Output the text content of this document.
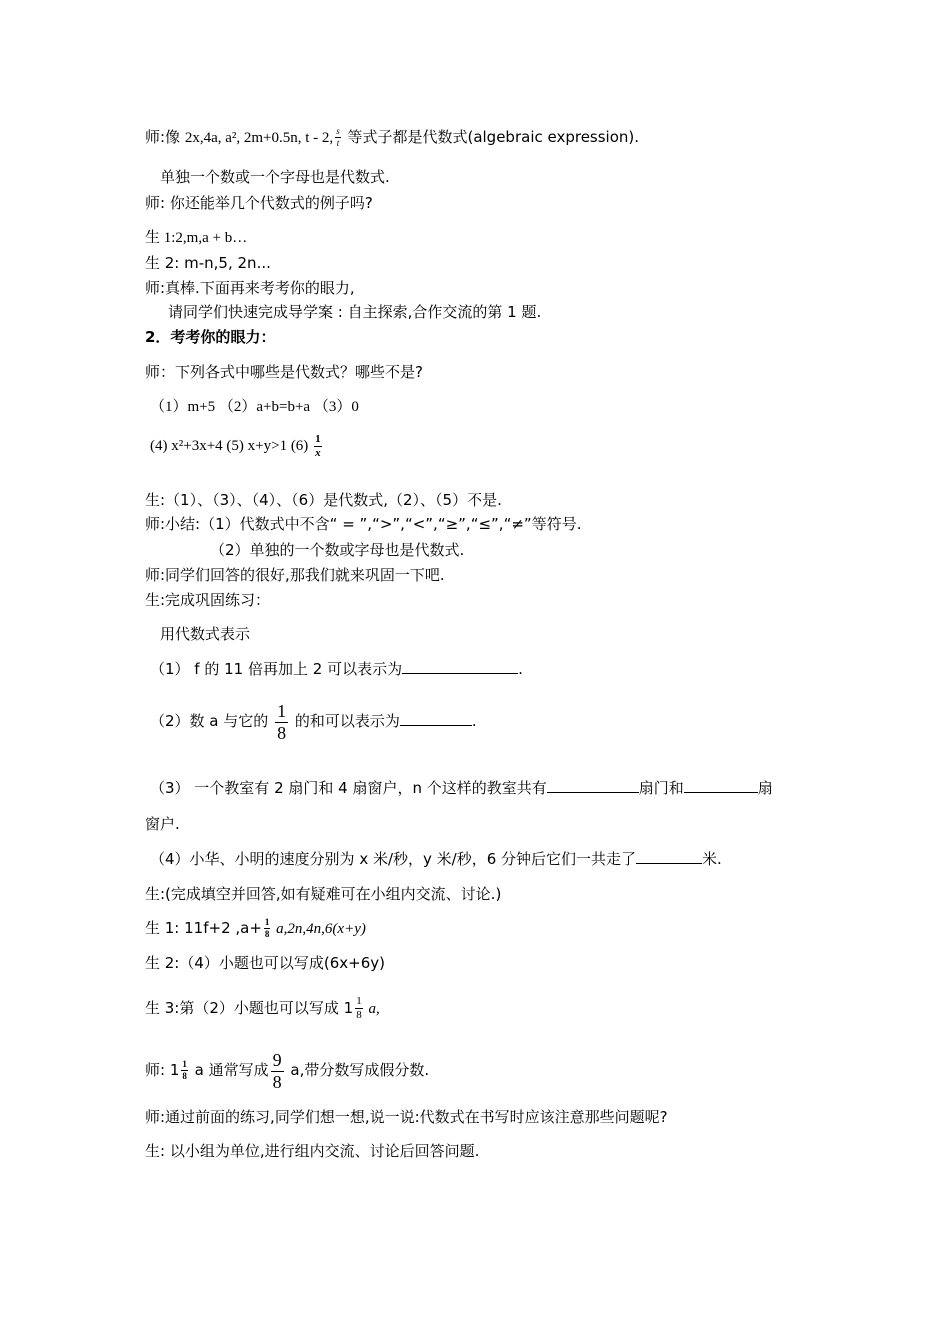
师:像 2x,4a, a², 2m+0.5n, t - 2, $\frac{s}{t}$ 等式子都是代数式(algebraic expression).
单独一个数或一个字母也是代数式.
师: 你还能举几个代数式的例子吗?
生 1:2,m,a + b…
生 2: m-n,5, 2n...
师:真棒.下面再来考考你的眼力,
请同学们快速完成导学案 : 自主探索,合作交流的第 1 题.
2．考考你的眼力：
师：下列各式中哪些是代数式？哪些不是?
（1）m+5 （2）a+b=b+a （3）0
(4) x²+3x+4 (5) x+y>1 $(6) \frac{1}{x}$
生:（1）、（3）、（4）、（6）是代数式,（2）、（5）不是.
师:小结:（1）代数式中不含“ = ”,“>”,“<”,“≥”,“≤”,“≠”等符号.
（2）单独的一个数或字母也是代数式.
师:同学们回答的很好,那我们就来巩固一下吧.
生:完成巩固练习：
用代数式表示
（1） f 的 11 倍再加上 2 可以表示为	.
（2）数 a 与它的 $\frac{1}{8}$ 的和可以表示为	.
（3） 一个教室有 2 扇门和 4 扇窗户，n 个这样的教室共有	扇门和	扇
窗户.
（4）小华、小明的速度分别为 x 米/秒，y 米/秒，6 分钟后它们一共走了	米.
生:(完成填空并回答,如有疑难可在小组内交流、讨论.)
生 1: 11f+2 $,a+ \frac{1}{8} a,2n,4n,6(x+y)$
生 2:（4）小题也可以写成(6x+6y)
生 3:第（2）小题也可以写成 $1 \frac{1}{8} a$,
师: $1 \frac{1}{8}$ a 通常写成 $\frac{9}{8} a$,带分数写成假分数.
师:通过前面的练习,同学们想一想,说一说:代数式在书写时应该注意那些问题呢?
生: 以小组为单位,进行组内交流、讨论后回答问题.
